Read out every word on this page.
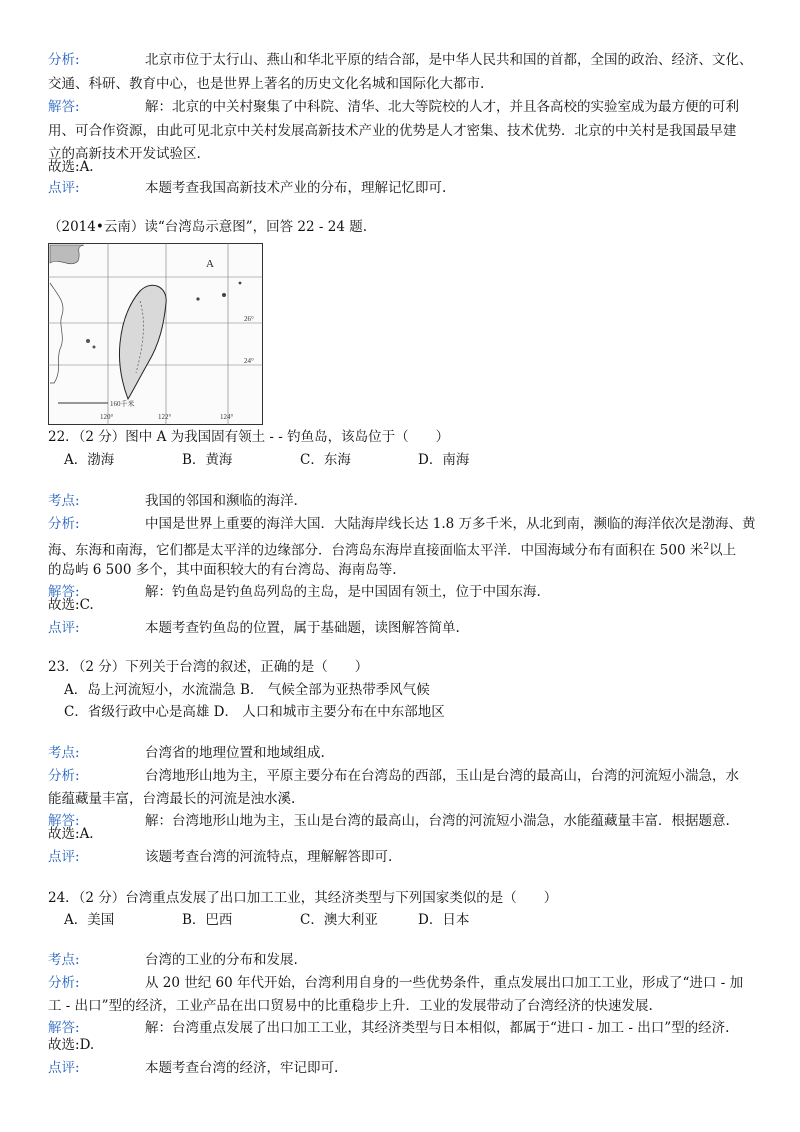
分析:	北京市位于太行山、燕山和华北平原的结合部，是中华人民共和国的首都，全国的政治、经济、文化、
交通、科研、教育中心，也是世界上著名的历史文化名城和国际化大都市.
解答:	解：北京的中关村聚集了中科院、清华、北大等院校的人才，并且各高校的实验室成为最方便的可利
用、可合作资源，由此可见北京中关村发展高新技术产业的优势是人才密集、技术优势．北京的中关村是我国最早建
立的高新技术开发试验区.
故选:A.
点评:	本题考查我国高新技术产业的分布，理解记忆即可.
（2014•云南）读“台湾岛示意图”，回答 22 - 24 题.
A
26°
24°
120°	122°	124°
160千米
22．（2 分）图中 A 为我国固有领土 - - 钓鱼岛，该岛位于（　　）
A．渤海	B．黄海	C．东海	D．南海
考点:	我国的邻国和濒临的海洋.
分析:	中国是世界上重要的海洋大国．大陆海岸线长达 1.8 万多千米，从北到南，濒临的海洋依次是渤海、黄
海、东海和南海，它们都是太平洋的边缘部分．台湾岛东海岸直接面临太平洋．中国海域分布有面积在 500 米$^2$以上
的岛屿 6 500 多个，其中面积较大的有台湾岛、海南岛等.
解答:	解：钓鱼岛是钓鱼岛列岛的主岛，是中国固有领土，位于中国东海.
故选:C.
点评:	本题考查钓鱼岛的位置，属于基础题，读图解答简单.
23．（2 分）下列关于台湾的叙述，正确的是（　　）
A．岛上河流短小，水流湍急 B． 气候全部为亚热带季风气候
C．省级行政中心是高雄 D． 人口和城市主要分布在中东部地区
考点:	台湾省的地理位置和地域组成.
分析:	台湾地形山地为主，平原主要分布在台湾岛的西部，玉山是台湾的最高山，台湾的河流短小湍急，水
能蕴藏量丰富，台湾最长的河流是浊水溪.
解答:	解：台湾地形山地为主，玉山是台湾的最高山，台湾的河流短小湍急，水能蕴藏量丰富．根据题意.
故选:A.
点评:	该题考查台湾的河流特点，理解解答即可.
24．（2 分）台湾重点发展了出口加工工业，其经济类型与下列国家类似的是（　　）
A．美国	B．巴西	C．澳大利亚	D．日本
考点:	台湾的工业的分布和发展.
分析:	从 20 世纪 60 年代开始，台湾利用自身的一些优势条件，重点发展出口加工工业，形成了“进口 - 加
工 - 出口”型的经济，工业产品在出口贸易中的比重稳步上升．工业的发展带动了台湾经济的快速发展.
解答:	解：台湾重点发展了出口加工工业，其经济类型与日本相似，都属于“进口 - 加工 - 出口”型的经济.
故选:D.
点评:	本题考查台湾的经济，牢记即可.
